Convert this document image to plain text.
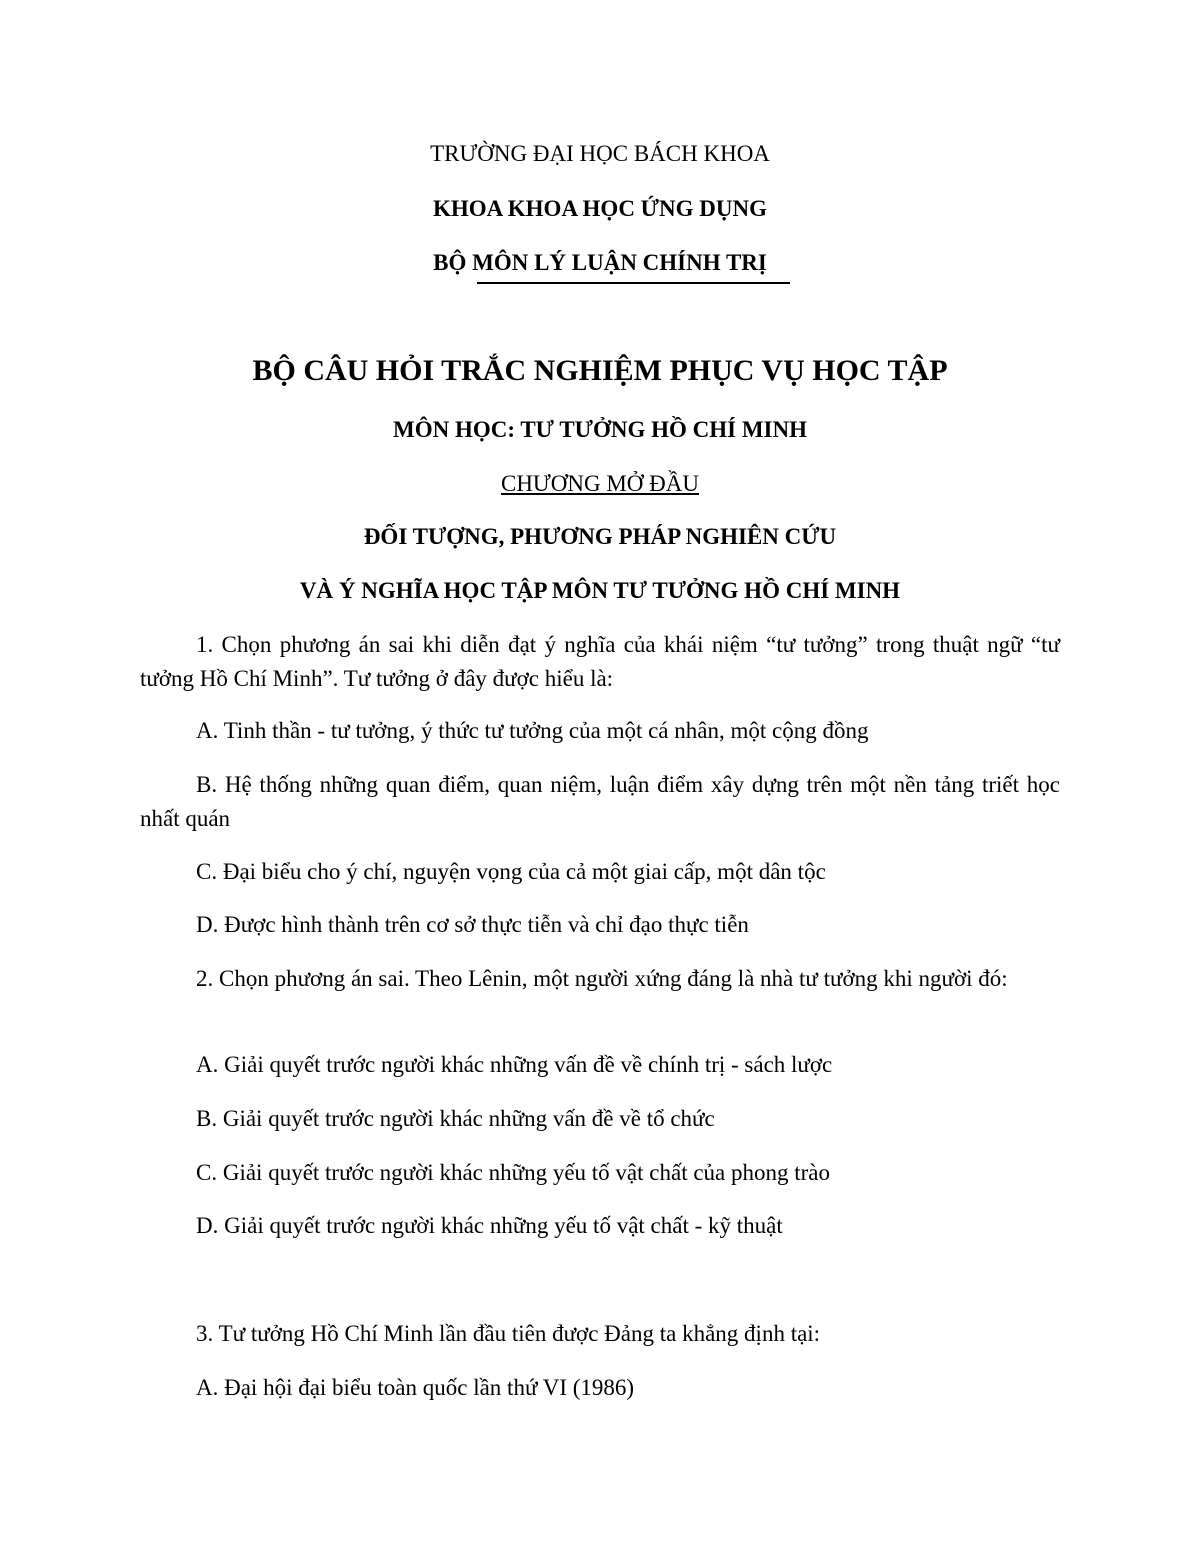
TRƯỜNG ĐẠI HỌC BÁCH KHOA
KHOA KHOA HỌC ỨNG DỤNG
BỘ MÔN LÝ LUẬN CHÍNH TRỊ
BỘ CÂU HỎI TRẮC NGHIỆM PHỤC VỤ HỌC TẬP
MÔN HỌC: TƯ TƯỞNG HỒ CHÍ MINH
CHƯƠNG MỞ ĐẦU
ĐỐI TƯỢNG, PHƯƠNG PHÁP NGHIÊN CỨU
VÀ Ý NGHĨA HỌC TẬP MÔN TƯ TƯỞNG HỒ CHÍ MINH
1. Chọn phương án sai khi diễn đạt ý nghĩa của khái niệm “tư tưởng” trong thuật ngữ “tư tưởng Hồ Chí Minh”. Tư tưởng ở đây được hiểu là:
A. Tinh thần - tư tưởng, ý thức tư tưởng của một cá nhân, một cộng đồng
B. Hệ thống những quan điểm, quan niệm, luận điểm xây dựng trên một nền tảng triết học nhất quán
C. Đại biểu cho ý chí, nguyện vọng của cả một giai cấp, một dân tộc
D. Được hình thành trên cơ sở thực tiễn và chỉ đạo thực tiễn
2. Chọn phương án sai. Theo Lênin, một người xứng đáng là nhà tư tưởng khi người đó:
A. Giải quyết trước người khác những vấn đề về chính trị - sách lược
B. Giải quyết trước người khác những vấn đề về tổ chức
C. Giải quyết trước người khác những yếu tố vật chất của phong trào
D. Giải quyết trước người khác những yếu tố vật chất - kỹ thuật
3. Tư tưởng Hồ Chí Minh lần đầu tiên được Đảng ta khẳng định tại:
A. Đại hội đại biểu toàn quốc lần thứ VI (1986)
